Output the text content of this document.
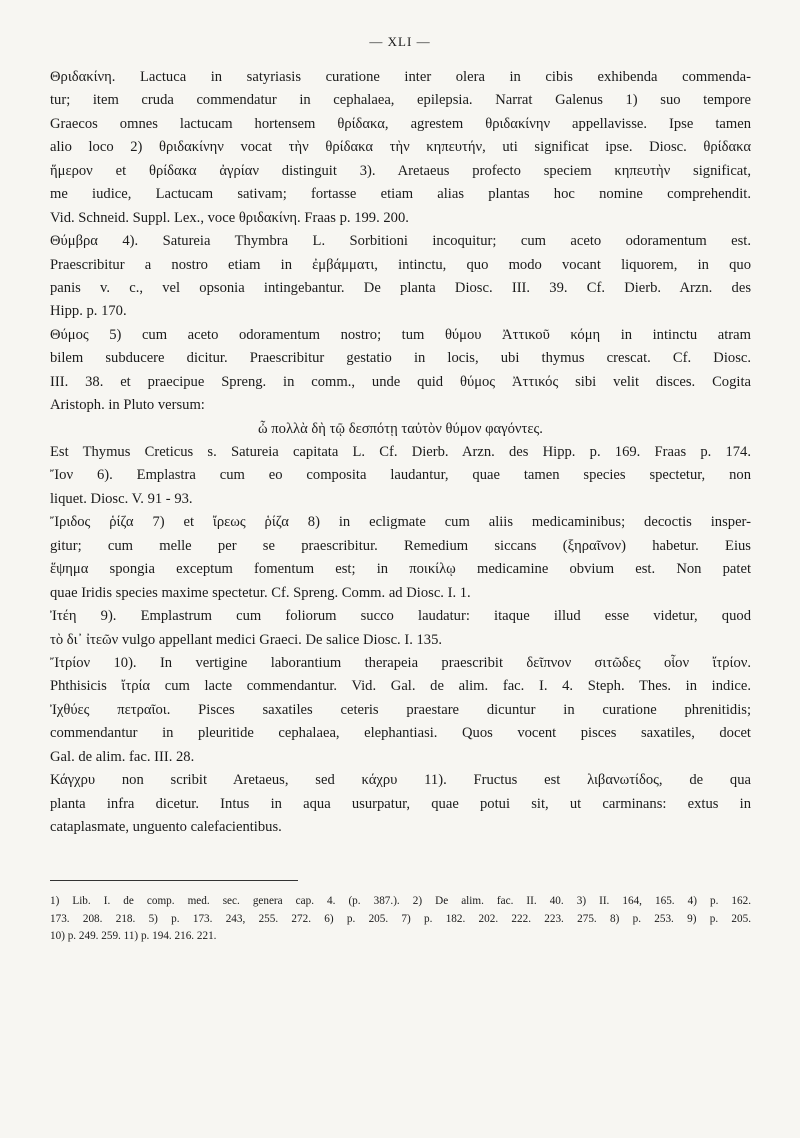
— XLI —
Θριδακίνη. Lactuca in satyriasis curatione inter olera in cibis exhibenda commenda-
tur; item cruda commendatur in cephalaea, epilepsia. Narrat Galenus 1) suo tempore
Graecos omnes lactucam hortensem θρίδακα, agrestem θριδακίνην appellavisse. Ipse tamen
alio loco 2) θριδακίνην vocat τὴν θρίδακα τὴν κηπευτήν, uti significat ipse. Diosc. θρίδακα
ἥμερον et θρίδακα ἀγρίαν distinguit 3). Aretaeus profecto speciem κηπευτὴν significat,
me iudice, Lactucam sativam; fortasse etiam alias plantas hoc nomine comprehendit.
Vid. Schneid. Suppl. Lex., voce θριδακίνη. Fraas p. 199. 200.
Θύμβρα 4). Satureia Thymbra L. Sorbitioni incoquitur; cum aceto odoramentum est.
Praescribitur a nostro etiam in ἐμβάμματι, intinctu, quo modo vocant liquorem, in quo
panis v. c., vel opsonia intingebantur. De planta Diosc. III. 39. Cf. Dierb. Arzn. des
Hipp. p. 170.
Θύμος 5) cum aceto odoramentum nostro; tum θύμου Ἀττικοῦ κόμη in intinctu atram
bilem subducere dicitur. Praescribitur gestatio in locis, ubi thymus crescat. Cf. Diosc.
III. 38. et praecipue Spreng. in comm., unde quid θύμος Ἀττικός sibi velit disces. Cogita
Aristoph. in Pluto versum:
ὦ πολλὰ δὴ τῷ δεσπότῃ ταὐτὸν θύμον φαγόντες.
Est Thymus Creticus s. Satureia capitata L. Cf. Dierb. Arzn. des Hipp. p. 169. Fraas p. 174.
Ἴον 6). Emplastra cum eo composita laudantur, quae tamen species spectetur, non
liquet. Diosc. V. 91 - 93.
Ἴριδος ῥίζα 7) et ἴρεως ῥίζα 8) in ecligmate cum aliis medicaminibus; decoctis insper-
gitur; cum melle per se praescribitur. Remedium siccans (ξηραῖνον) habetur. Eius
ἕψημα spongia exceptum fomentum est; in ποικίλῳ medicamine obvium est. Non patet
quae Iridis species maxime spectetur. Cf. Spreng. Comm. ad Diosc. I. 1.
Ἰτέη 9). Emplastrum cum foliorum succo laudatur: itaque illud esse videtur, quod
τὸ δι᾽ ἰτεῶν vulgo appellant medici Graeci. De salice Diosc. I. 135.
Ἴτρίον 10). In vertigine laborantium therapeia praescribit δεῖπνον σιτῶδες οἷον ἴτρίον.
Phthisicis ἴτρία cum lacte commendantur. Vid. Gal. de alim. fac. I. 4. Steph. Thes. in indice.
Ἰχθύες πετραῖοι. Pisces saxatiles ceteris praestare dicuntur in curatione phrenitidis;
commendantur in pleuritide cephalaea, elephantiasi. Quos vocent pisces saxatiles, docet
Gal. de alim. fac. III. 28.
Κάγχρυ non scribit Aretaeus, sed κάχρυ 11). Fructus est λιβανωτίδος, de qua
planta infra dicetur. Intus in aqua usurpatur, quae potui sit, ut carminans: extus in
cataplasmate, unguento calefacientibus.
1) Lib. I. de comp. med. sec. genera cap. 4. (p. 387.). 2) De alim. fac. II. 40. 3) II. 164, 165. 4) p. 162.
173. 208. 218. 5) p. 173. 243, 255. 272. 6) p. 205. 7) p. 182. 202. 222. 223. 275. 8) p. 253. 9) p. 205.
10) p. 249. 259. 11) p. 194. 216. 221.
